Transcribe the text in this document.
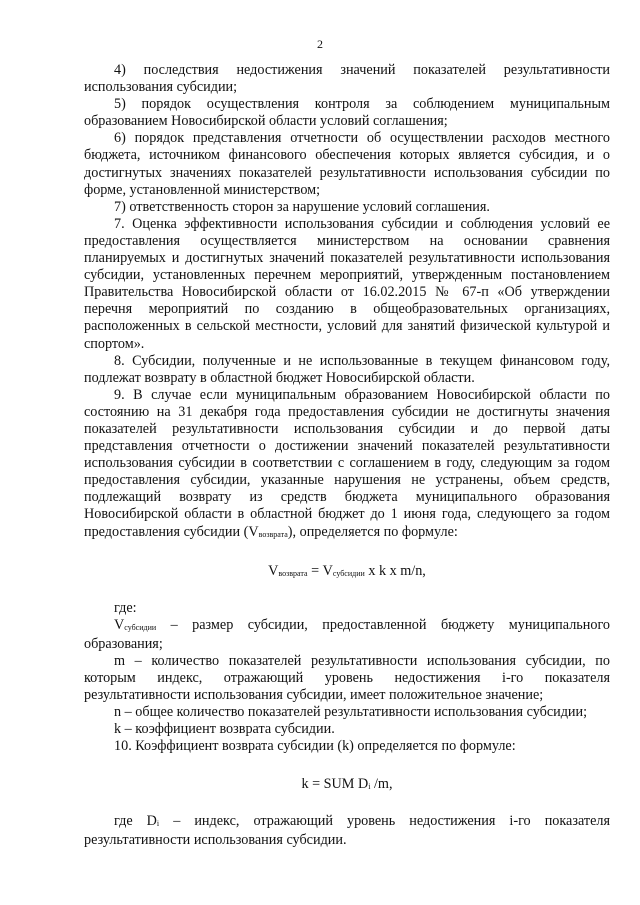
2

4) последствия недостижения значений показателей результативности использования субсидии;

5) порядок осуществления контроля за соблюдением муниципальным образованием Новосибирской области условий соглашения;

6) порядок представления отчетности об осуществлении расходов местного бюджета, источником финансового обеспечения которых является субсидия, и о достигнутых значениях показателей результативности использования субсидии по форме, установленной министерством;

7) ответственность сторон за нарушение условий соглашения.

7. Оценка эффективности использования субсидии и соблюдения условий ее предоставления осуществляется министерством на основании сравнения планируемых и достигнутых значений показателей результативности использования субсидии, установленных перечнем мероприятий, утвержденным постановлением Правительства Новосибирской области от 16.02.2015 № 67-п «Об утверждении перечня мероприятий по созданию в общеобразовательных организациях, расположенных в сельской местности, условий для занятий физической культурой и спортом».

8. Субсидии, полученные и не использованные в текущем финансовом году, подлежат возврату в областной бюджет Новосибирской области.

9. В случае если муниципальным образованием Новосибирской области по состоянию на 31 декабря года предоставления субсидии не достигнуты значения показателей результативности использования субсидии и до первой даты представления отчетности о достижении значений показателей результативности использования субсидии в соответствии с соглашением в году, следующим за годом предоставления субсидии, указанные нарушения не устранены, объем средств, подлежащий возврату из средств бюджета муниципального образования Новосибирской области в областной бюджет до 1 июня года, следующего за годом предоставления субсидии (Vвозврата), определяется по формуле:

Vвозврата = Vсубсидии x k x m/n,

где:

Vсубсидии – размер субсидии, предоставленной бюджету муниципального образования;

m – количество показателей результативности использования субсидии, по которым индекс, отражающий уровень недостижения i-го показателя результативности использования субсидии, имеет положительное значение;

n – общее количество показателей результативности использования субсидии;

k – коэффициент возврата субсидии.

10. Коэффициент возврата субсидии (k) определяется по формуле:

k = SUM Di /m,

где Di – индекс, отражающий уровень недостижения i-го показателя результативности использования субсидии.
